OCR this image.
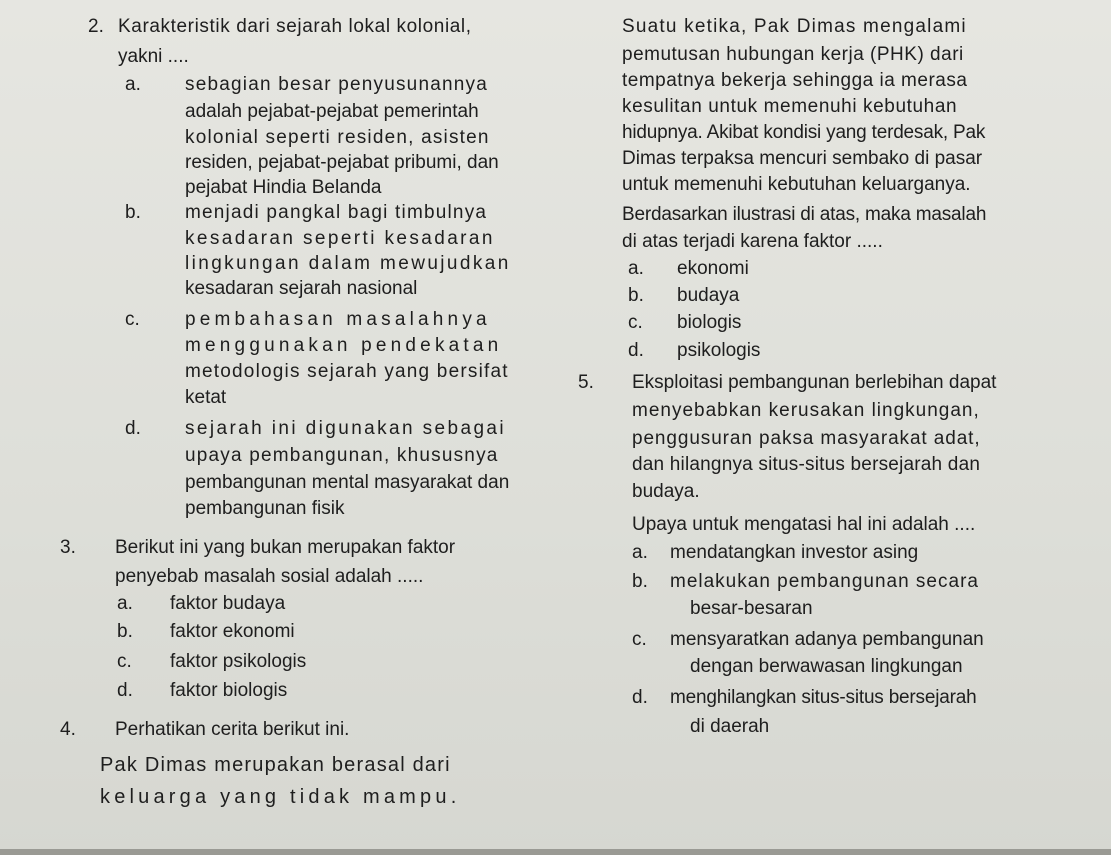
2. Karakteristik dari sejarah lokal kolonial,
yakni ....
a. sebagian besar penyusunannya
adalah pejabat-pejabat pemerintah
kolonial seperti residen, asisten
residen, pejabat-pejabat pribumi, dan
pejabat Hindia Belanda
b. menjadi pangkal bagi timbulnya
kesadaran seperti kesadaran
lingkungan dalam mewujudkan
kesadaran sejarah nasional
c. pembahasan masalahnya
menggunakan pendekatan
metodologis sejarah yang bersifat
ketat
d. sejarah ini digunakan sebagai
upaya pembangunan, khususnya
pembangunan mental masyarakat dan
pembangunan fisik
3. Berikut ini yang bukan merupakan faktor
penyebab masalah sosial adalah .....
a. faktor budaya
b. faktor ekonomi
c. faktor psikologis
d. faktor biologis
4. Perhatikan cerita berikut ini.
Pak Dimas merupakan berasal dari
keluarga yang tidak mampu.
Suatu ketika, Pak Dimas mengalami
pemutusan hubungan kerja (PHK) dari
tempatnya bekerja sehingga ia merasa
kesulitan untuk memenuhi kebutuhan
hidupnya. Akibat kondisi yang terdesak, Pak
Dimas terpaksa mencuri sembako di pasar
untuk memenuhi kebutuhan keluarganya.
Berdasarkan ilustrasi di atas, maka masalah
di atas terjadi karena faktor .....
a. ekonomi
b. budaya
c. biologis
d. psikologis
5. Eksploitasi pembangunan berlebihan dapat
menyebabkan kerusakan lingkungan,
penggusuran paksa masyarakat adat,
dan hilangnya situs-situs bersejarah dan
budaya.
Upaya untuk mengatasi hal ini adalah ....
a. mendatangkan investor asing
b. melakukan pembangunan secara
besar-besaran
c. mensyaratkan adanya pembangunan
dengan berwawasan lingkungan
d. menghilangkan situs-situs bersejarah
di daerah
